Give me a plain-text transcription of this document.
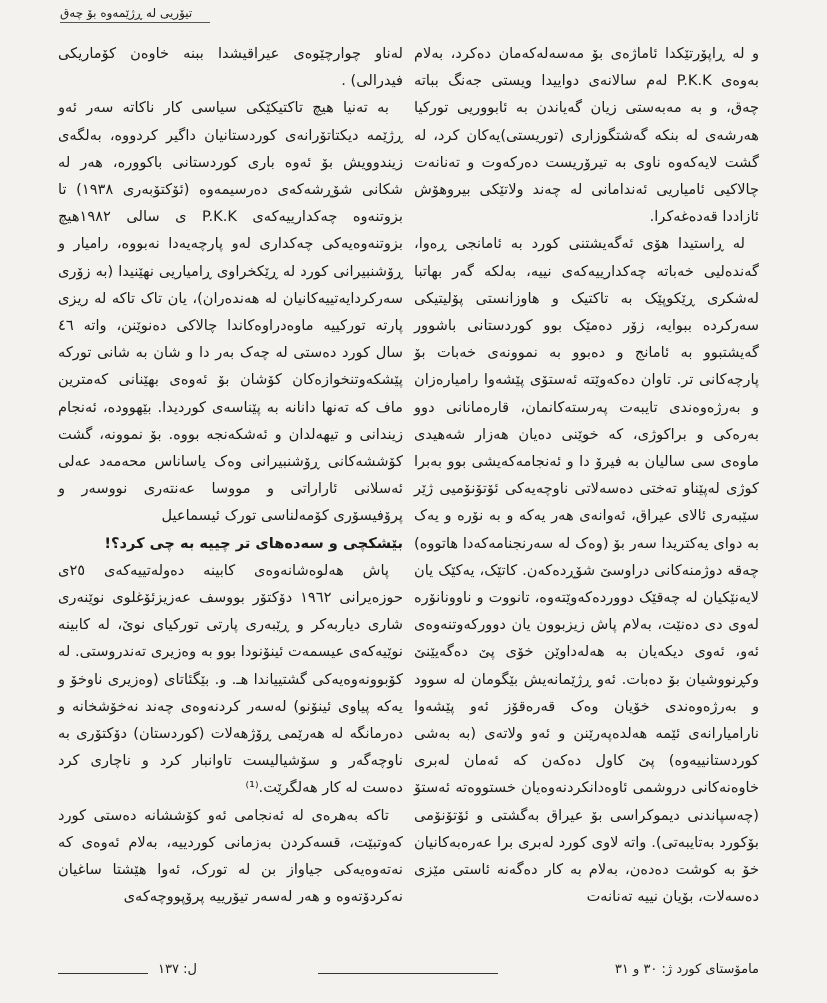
تیۆریی لە ڕژێمەوە بۆ چەق

و لە ڕاپۆرتێکدا ئاماژەی بۆ مەسەلەکەمان دەکرد، بەلام بەوەی P.K.K لەم سالانەی دواییدا ویستی جەنگ بباتە چەق، و بە مەبەستی زیان گەیاندن بە ئابووریی تورکیا هەرشەی لە بنکە گەشتگوزاری (توریستی)یەکان کرد، لە گشت لایەکەوە ناوی بە تیرۆریست دەرکەوت و تەنانەت چالاکیی ئامیاریی ئەندامانی لە چەند ولاتێکی بیروهۆش ئازاددا قەدەغەکرا.

لە ڕاستیدا هۆی ئەگەیشتنی کورد بە ئامانجی ڕەوا، گەندەلیی خەباتە چەکدارییەکەی نییە، بەلکە گەر بهاتبا لەشکری ڕێکوپێک بە تاکتیک و هاوزانستی پۆلیتیکی سەرکردە ببوایە، زۆر دەمێک بوو کوردستانی باشوور گەیشتبوو بە ئامانج و دەبوو بە نموونەی خەبات بۆ پارچەکانی تر. تاوان دەکەوێتە ئەستۆی پێشەوا رامیارەزان و بەرژەوەندی تایبەت پەرستەکانمان، قارەمانانی دوو بەرەکی و براکوژی، کە خوێنی دەیان هەزار شەهیدی ماوەی سی سالیان بە فیرۆ دا و ئەنجامەکەیشی بوو بەبرا کوژی لەپێناو تەختی دەسەلاتی ناوچەیەکی ئۆتۆنۆمیی ژێر سێبەری ئالای عیراق، ئەوانەی هەر یەکە و بە نۆرە و یەک بە دوای یەکتریدا سەر بۆ (وەک لە سەرنجنامەکەدا هاتووە) چەقە دوژمنەکانی دراوسێ شۆڕدەکەن. کاتێک، یەکێک یان لایەنێکیان لە چەقێک دووردەکەوێتەوە، تانووت و ناوونانۆرە لەوی دی دەنێت، بەلام پاش زیزبوون یان دوورکەوتنەوەی ئەو، ئەوی دیکەیان بە هەلەداوێن خۆی پێ دەگەیێنێ وکڕنووشیان بۆ دەبات. ئەو ڕژێمانەیش بێگومان لە سوود و بەرژەوەندی خۆیان وەک قەرەقۆز ئەو پێشەوا نارامیارانەی ئێمە هەلدەپەرێنن و ئەو ولاتەی (بە بەشی کوردستانییەوە) پێ کاول دەکەن کە ئەمان لەبری خاوەنەکانی دروشمی ئاوەدانکردنەوەیان خستووەتە ئەستۆ (چەسپاندنی دیموکراسی بۆ عیراق بەگشتی و ئۆتۆنۆمی بۆکورد بەتایبەتی). واتە لاوی کورد لەبری برا عەرەبەکانیان خۆ بە کوشت دەدەن، بەلام بە کار دەگەنە ئاستی مێزی دەسەلات، بۆیان نییە تەنانەت

لەناو چوارچێوەی عیراقیشدا ببنە خاوەن کۆماریکی فیدرالی) .

بە تەنیا هیچ تاکتیکێکی سیاسی کار ناکاتە سەر ئەو ڕژێمە دیکتاتۆرانەی کوردستانیان داگیر کردووە، بەلگەی زیندوویش بۆ ئەوە باری کوردستانی باکوورە، هەر لە شکانی شۆڕشەکەی دەرسیمەوە (ئۆکتۆبەری ١٩٣٨) تا بزوتنەوە چەکدارییەکەی P.K.K ی سالی ١٩٨٢هیچ بزوتنەوەیەکی چەکداری لەو پارچەیەدا نەبووە، رامیار و ڕۆشنبیرانی کورد لە ڕێکخراوی ڕامیاریی نهێنیدا (بە زۆری سەرکردایەتییەکانیان لە هەندەران)، یان تاک تاکە لە ریزی پارتە تورکییە ماوەدراوەکاندا چالاکی دەنوێنن، واتە ٤٦ سال کورد دەستی لە چەک بەر دا و شان بە شانی تورکە پێشکەوتنخوازەکان کۆشان بۆ ئەوەی بهێنانی کەمترین ماف کە تەنها دانانە بە پێناسەی کوردیدا. بێهوودە، ئەنجام زیندانی و تیهەلدان و ئەشکەنجە بووە. بۆ نموونە، گشت کۆششەکانی ڕۆشنبیرانی وەک یاساناس محەمەد عەلی ئەسلانی ئاراراتی و مووسا عەنتەری نووسەر و پرۆفیسۆری کۆمەلناسی تورک ئیسماعیل

بێشکچی و سەدەهای تر چییە بە چی کرد؟!

پاش هەلوەشانەوەی کابینە دەولەتییەکەی ٢٥ی حوزەیرانی ١٩٦٢ دۆکتۆر بووسف عەزیزئۆغلوی نوێنەری شاری دیاربەکر و ڕێبەری پارتی تورکیای نوێ، لە کابینە نوێیەکەی عیسمەت ئینۆنودا بوو بە وەزیری تەندروستی. لە کۆبوونەوەیەکی گشتییاندا هـ. و. بێگئاتای (وەزیری ناوخۆ و یەکە پیاوی ئینۆنو) لەسەر کردنەوەی چەند نەخۆشخانە و دەرمانگە لە هەرێمی ڕۆژهەلات (کوردستان) دۆکتۆری بە ناوچەگەر و سۆشیالیست تاوانبار کرد و ناچاری کرد دەست لە کار هەلگرێت.⁽¹⁾

تاکە بەهرەی لە ئەنجامی ئەو کۆششانە دەستی کورد کەوتبێت، قسەکردن بەزمانی کوردییە، بەلام ئەوەی کە نەتەوەیەکی جیاواز بن لە تورک، ئەوا هێشتا ساغیان نەکردۆتەوە و هەر لەسەر تیۆرییە پرۆپووچەکەی

ل: ١٣٧	مامۆستای کورد ژ: ٣٠ و ٣١
